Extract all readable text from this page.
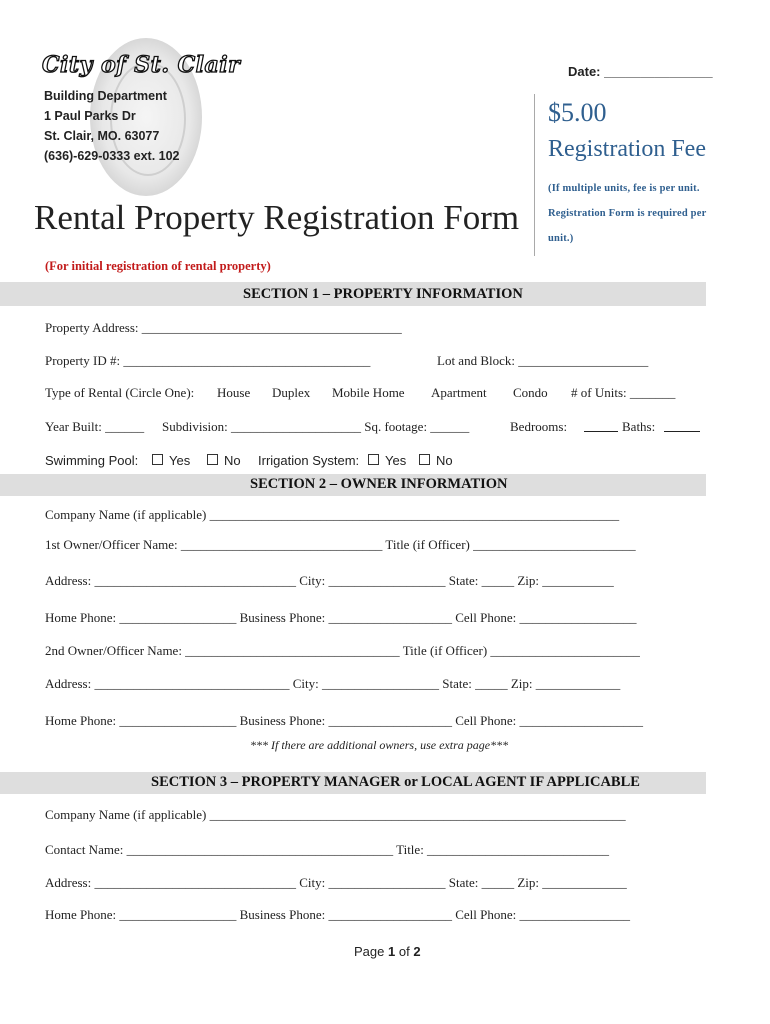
City of St. Clair
Building Department
1 Paul Parks Dr
St. Clair, MO. 63077
(636)-629-0333 ext. 102
Date: _______________
$5.00
Registration Fee
(If multiple units, fee is per unit.
Registration Form is required per
unit.)
Rental Property Registration Form
(For initial registration of rental property)
SECTION 1 – PROPERTY INFORMATION
Property Address: ________________________________________
Property ID #: ______________________________________	Lot and Block: ____________________
Type of Rental (Circle One): House Duplex Mobile Home Apartment Condo # of Units: _______
Year Built: ______ Subdivision: ____________________ Sq. footage: ______	Bedrooms:	Baths:
Swimming Pool:	Yes	No Irrigation System:	Yes	No
SECTION 2 – OWNER INFORMATION
Company Name (if applicable) _______________________________________________________________
1st Owner/Officer Name: _______________________________ Title (if Officer) _________________________
Address: _______________________________ City: __________________ State: _____ Zip: ___________
Home Phone: __________________ Business Phone: ___________________ Cell Phone: __________________
2nd Owner/Officer Name: _________________________________ Title (if Officer) _______________________
Address: ______________________________ City: __________________ State: _____ Zip: _____________
Home Phone: __________________ Business Phone: ___________________ Cell Phone: ___________________
*** If there are additional owners, use extra page***
SECTION 3 – PROPERTY MANAGER or LOCAL AGENT IF APPLICABLE
Company Name (if applicable) ________________________________________________________________
Contact Name: _________________________________________ Title: ____________________________
Address: _______________________________ City: __________________ State: _____ Zip: _____________
Home Phone: __________________ Business Phone: ___________________ Cell Phone: _________________
Page 1 of 2
